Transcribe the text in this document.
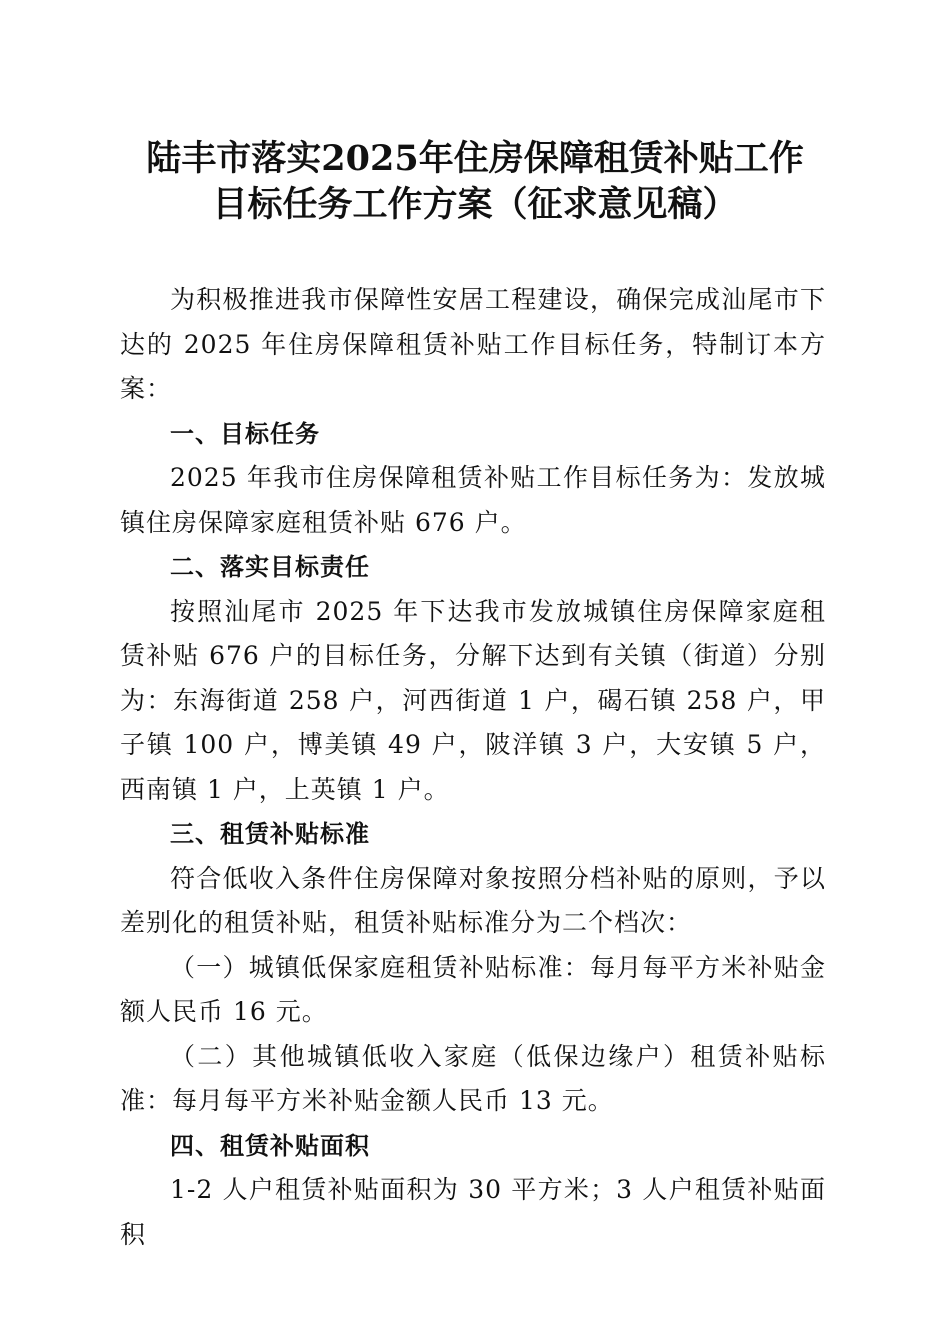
陆丰市落实2025年住房保障租赁补贴工作
目标任务工作方案（征求意见稿）

为积极推进我市保障性安居工程建设，确保完成汕尾市下达的 2025 年住房保障租赁补贴工作目标任务，特制订本方案：

一、目标任务

2025 年我市住房保障租赁补贴工作目标任务为：发放城镇住房保障家庭租赁补贴 676 户。

二、落实目标责任

按照汕尾市 2025 年下达我市发放城镇住房保障家庭租赁补贴 676 户的目标任务，分解下达到有关镇（街道）分别为：东海街道 258 户，河西街道 1 户，碣石镇 258 户，甲子镇 100 户，博美镇 49 户，陂洋镇 3 户，大安镇 5 户，西南镇 1 户，上英镇 1 户。

三、租赁补贴标准

符合低收入条件住房保障对象按照分档补贴的原则，予以差别化的租赁补贴，租赁补贴标准分为二个档次：

（一）城镇低保家庭租赁补贴标准：每月每平方米补贴金额人民币 16 元。

（二）其他城镇低收入家庭（低保边缘户）租赁补贴标准：每月每平方米补贴金额人民币 13 元。

四、租赁补贴面积

1-2 人户租赁补贴面积为 30 平方米；3 人户租赁补贴面积
